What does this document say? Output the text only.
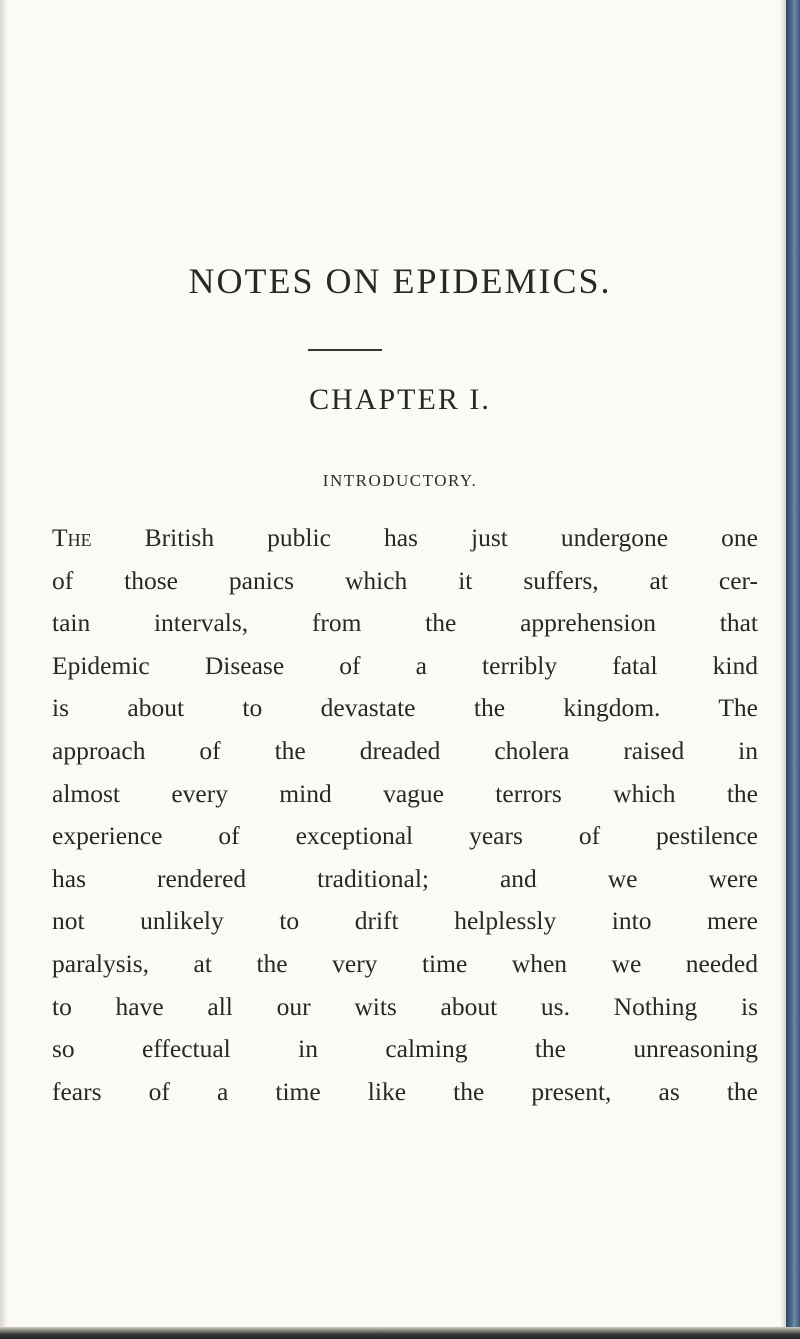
NOTES ON EPIDEMICS.
CHAPTER I.
INTRODUCTORY.
The British public has just undergone one
of those panics which it suffers, at cer-
tain intervals, from the apprehension that
Epidemic Disease of a terribly fatal kind
is about to devastate the kingdom. The
approach of the dreaded cholera raised in
almost every mind vague terrors which the
experience of exceptional years of pestilence
has rendered traditional; and we were
not unlikely to drift helplessly into mere
paralysis, at the very time when we needed
to have all our wits about us. Nothing is
so effectual in calming the unreasoning
fears of a time like the present, as the
